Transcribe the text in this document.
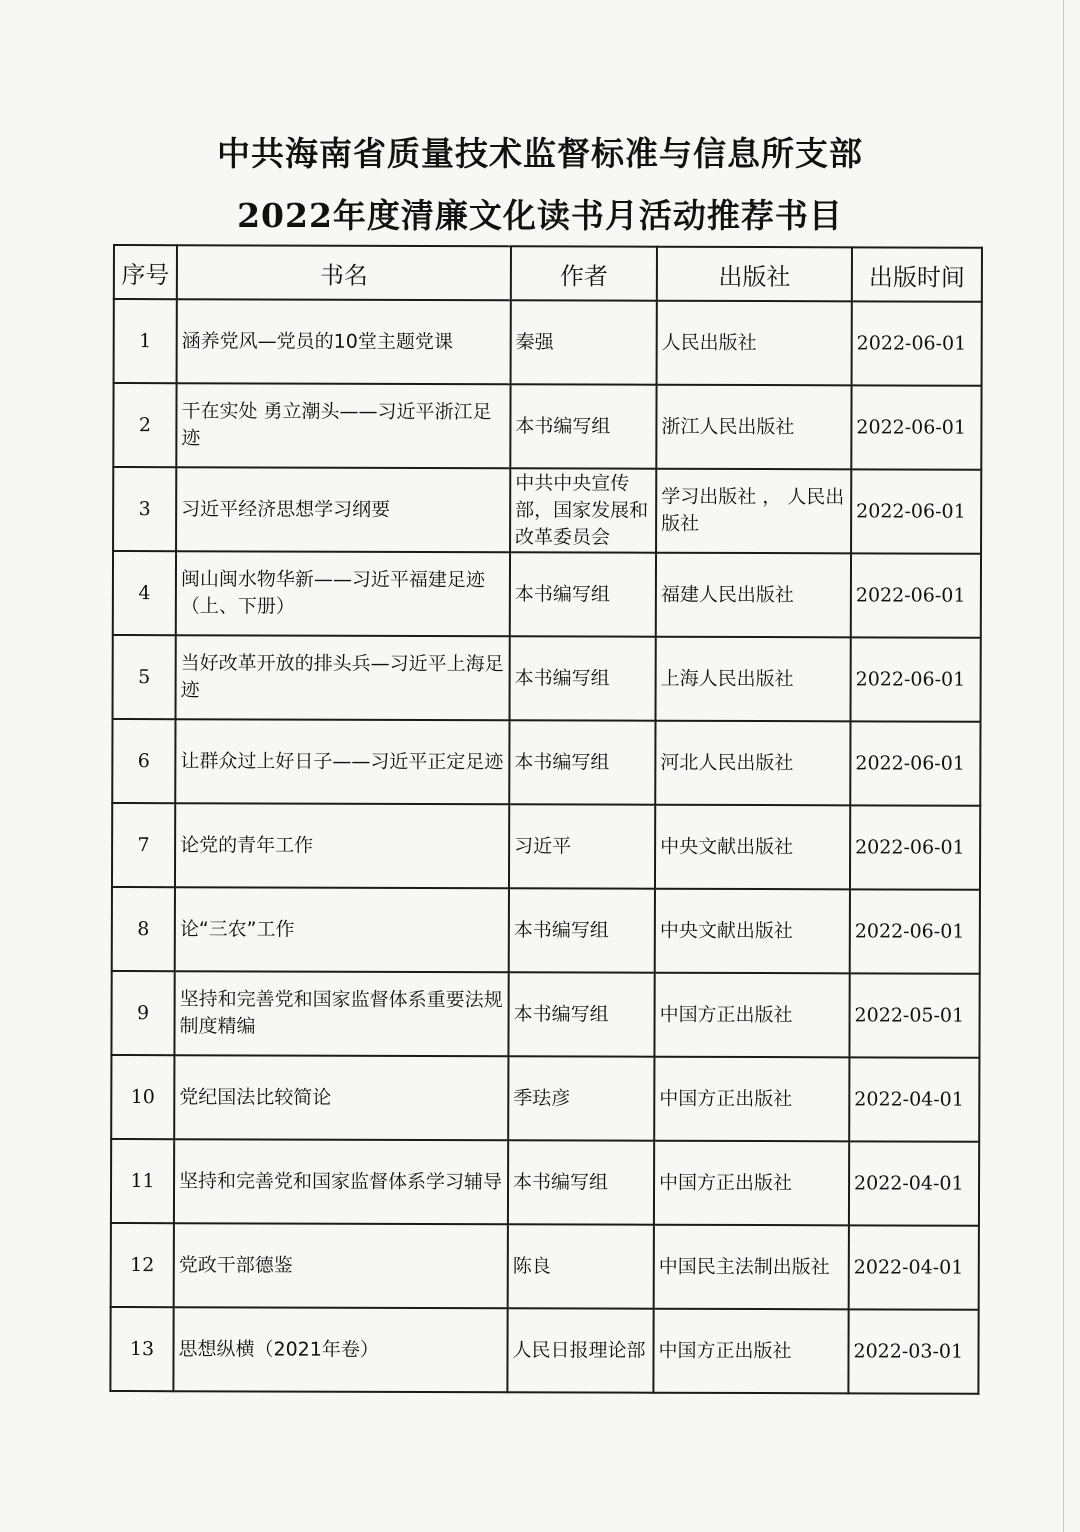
中共海南省质量技术监督标准与信息所支部
2022年度清廉文化读书月活动推荐书目
序号	书名	作者	出版社	出版时间
1	涵养党风—党员的10堂主题党课	秦强	人民出版社	2022-06-01
2	干在实处 勇立潮头——习近平浙江足迹	本书编写组	浙江人民出版社	2022-06-01
3	习近平经济思想学习纲要	中共中央宣传部，国家发展和改革委员会	学习出版社 ， 人民出版社	2022-06-01
4	闽山闽水物华新——习近平福建足迹（上、下册）	本书编写组	福建人民出版社	2022-06-01
5	当好改革开放的排头兵—习近平上海足迹	本书编写组	上海人民出版社	2022-06-01
6	让群众过上好日子——习近平正定足迹	本书编写组	河北人民出版社	2022-06-01
7	论党的青年工作	习近平	中央文献出版社	2022-06-01
8	论“三农”工作	本书编写组	中央文献出版社	2022-06-01
9	坚持和完善党和国家监督体系重要法规制度精编	本书编写组	中国方正出版社	2022-05-01
10	党纪国法比较简论	季珐彦	中国方正出版社	2022-04-01
11	坚持和完善党和国家监督体系学习辅导	本书编写组	中国方正出版社	2022-04-01
12	党政干部德鉴	陈良	中国民主法制出版社	2022-04-01
13	思想纵横（2021年卷）	人民日报理论部	中国方正出版社	2022-03-01
